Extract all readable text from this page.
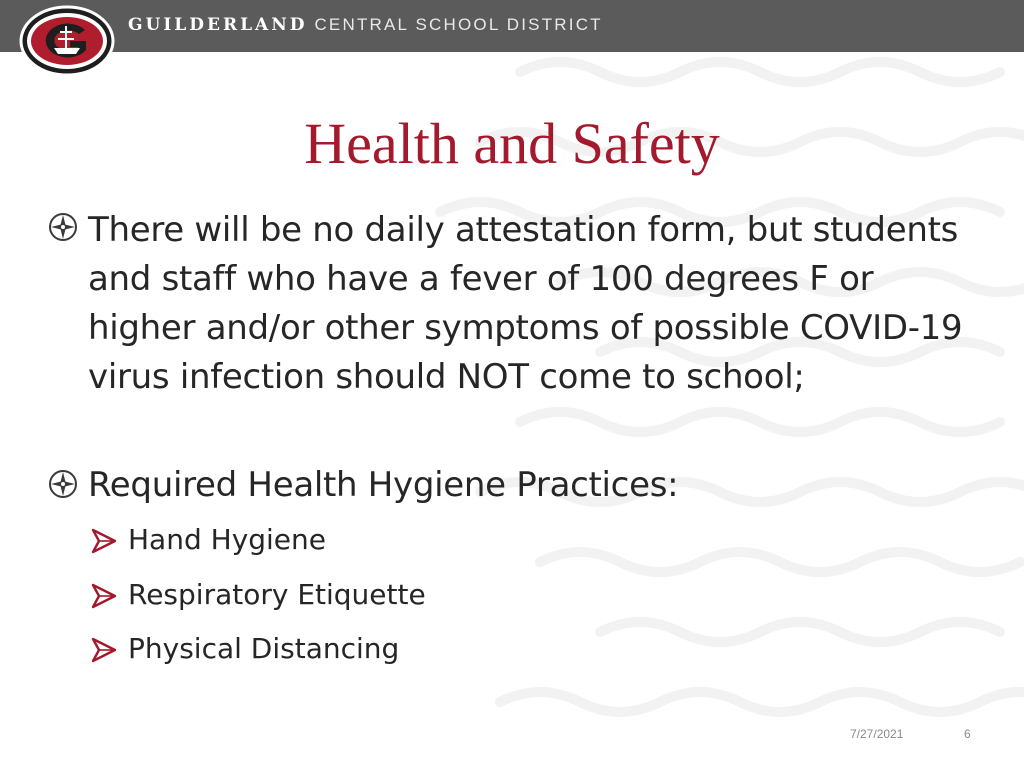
GUILDERLAND CENTRAL SCHOOL DISTRICT
Health and Safety
There will be no daily attestation form, but students and staff who have a fever of 100 degrees F or higher and/or other symptoms of possible COVID-19 virus infection should NOT come to school;
Required Health Hygiene Practices:
Hand Hygiene
Respiratory Etiquette
Physical Distancing
7/27/2021	6
